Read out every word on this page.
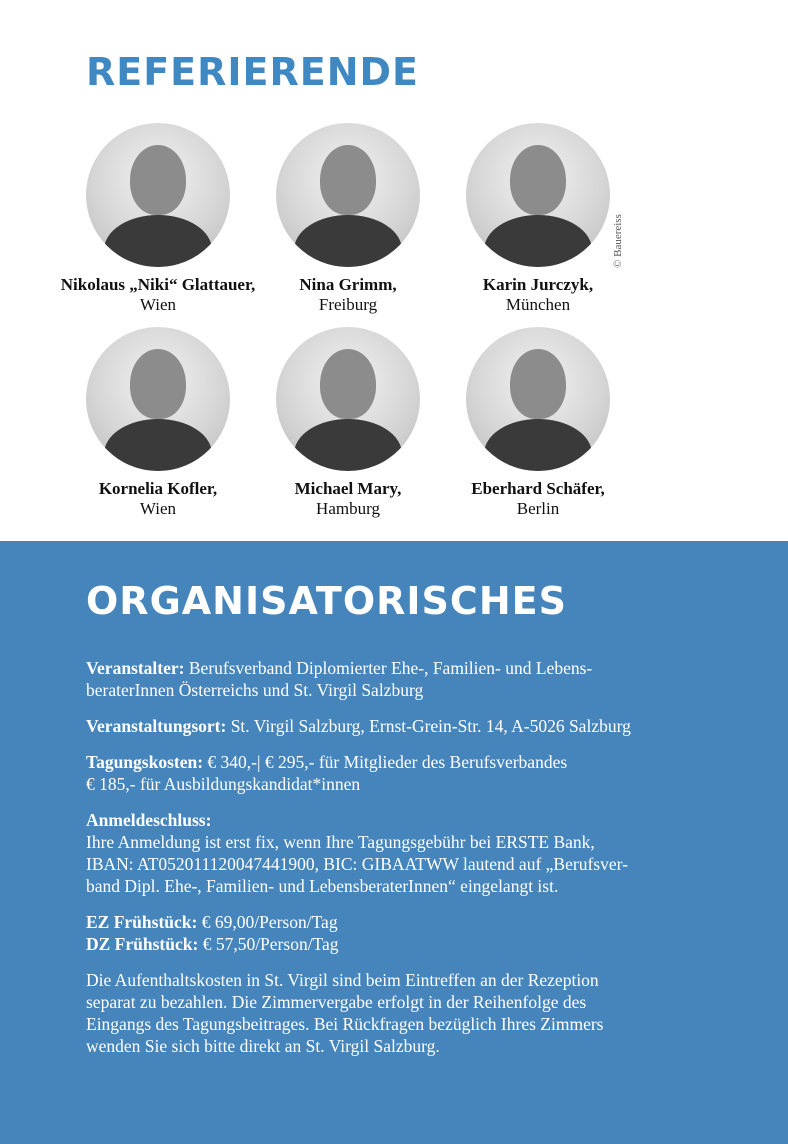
REFERIERENDE
Nikolaus „Niki“ Glattauer,
Wien
Nina Grimm,
Freiburg
Karin Jurczyk,
München
© Bauereiss
Kornelia Kofler,
Wien
Michael Mary,
Hamburg
Eberhard Schäfer,
Berlin
ORGANISATORISCHES

Veranstalter: Berufsverband Diplomierter Ehe-, Familien- und Lebens-
beraterInnen Österreichs und St. Virgil Salzburg

Veranstaltungsort: St. Virgil Salzburg, Ernst-Grein-Str. 14, A-5026 Salzburg

Tagungskosten: € 340,-| € 295,- für Mitglieder des Berufsverbandes
€ 185,- für Ausbildungskandidat*innen

Anmeldeschluss:
Ihre Anmeldung ist erst fix, wenn Ihre Tagungsgebühr bei ERSTE Bank,
IBAN: AT052011120047441900, BIC: GIBAATWW lautend auf „Berufsver-
band Dipl. Ehe-, Familien- und LebensberaterInnen“ eingelangt ist.

EZ Frühstück: € 69,00/Person/Tag
DZ Frühstück: € 57,50/Person/Tag

Die Aufenthaltskosten in St. Virgil sind beim Eintreffen an der Rezeption
separat zu bezahlen. Die Zimmervergabe erfolgt in der Reihenfolge des
Eingangs des Tagungsbeitrages. Bei Rückfragen bezüglich Ihres Zimmers
wenden Sie sich bitte direkt an St. Virgil Salzburg.
